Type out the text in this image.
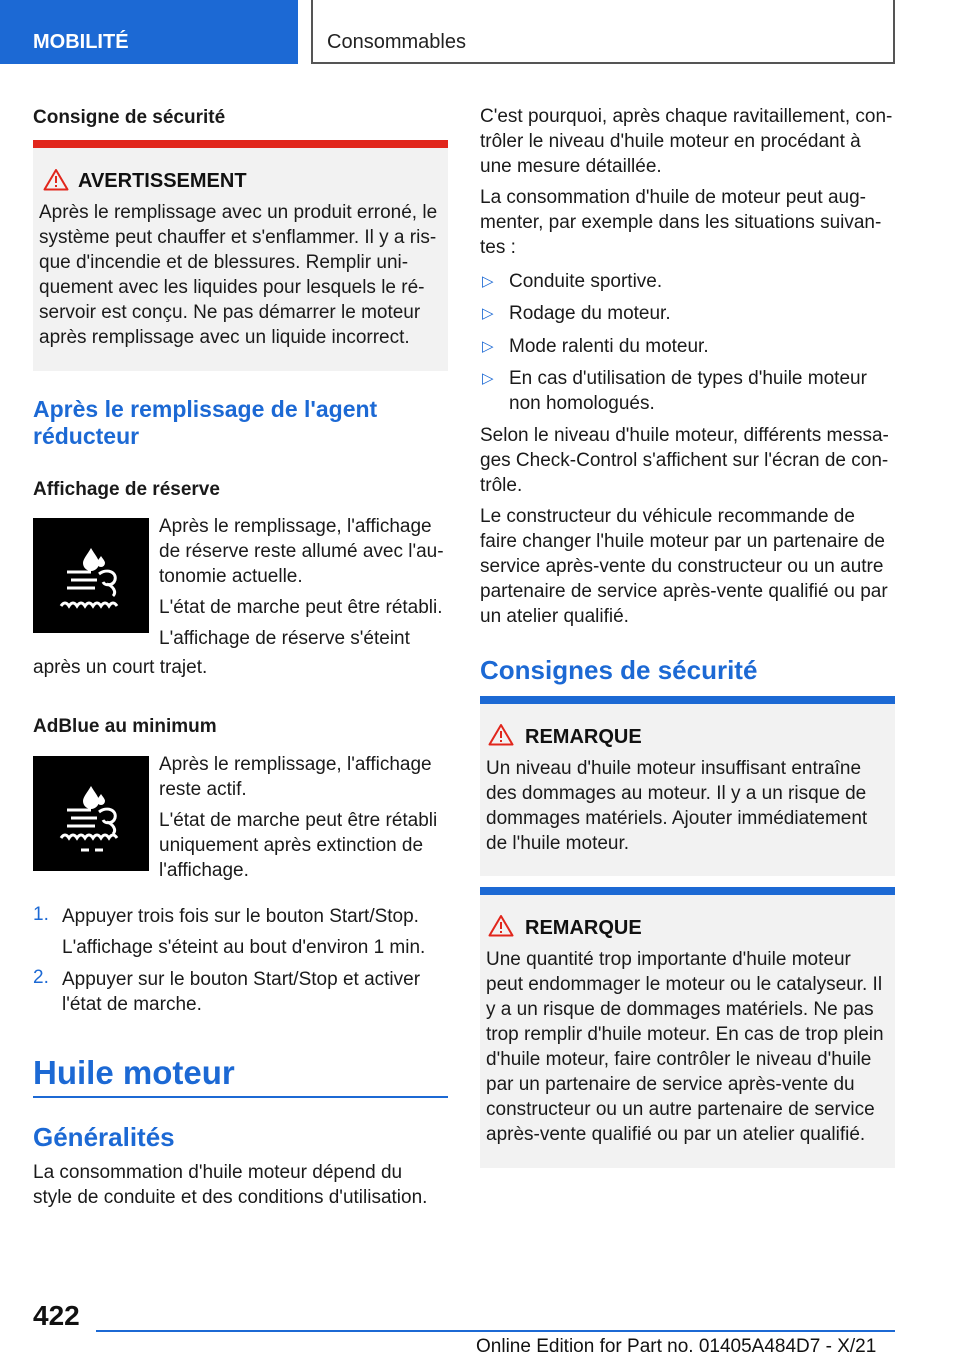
MOBILITÉ	Consommables
Consigne de sécurité
AVERTISSEMENT
Après le remplissage avec un produit erroné, le
système peut chauffer et s'enflammer. Il y a ris-
que d'incendie et de blessures. Remplir uni-
quement avec les liquides pour lesquels le ré-
servoir est conçu. Ne pas démarrer le moteur
après remplissage avec un liquide incorrect.
Après le remplissage de l'agent
réducteur
Affichage de réserve
Après le remplissage, l'affichage
de réserve reste allumé avec l'au-
tonomie actuelle.
L'état de marche peut être rétabli.
L'affichage de réserve s'éteint
après un court trajet.
AdBlue au minimum
Après le remplissage, l'affichage
reste actif.
L'état de marche peut être rétabli
uniquement après extinction de
l'affichage.
1. Appuyer trois fois sur le bouton Start/Stop.
L'affichage s'éteint au bout d'environ 1 min.
2. Appuyer sur le bouton Start/Stop et activer
l'état de marche.
Huile moteur
Généralités
La consommation d'huile moteur dépend du
style de conduite et des conditions d'utilisation.
C'est pourquoi, après chaque ravitaillement, con-
trôler le niveau d'huile moteur en procédant à
une mesure détaillée.
La consommation d'huile de moteur peut aug-
menter, par exemple dans les situations suivan-
tes :
▷ Conduite sportive.
▷ Rodage du moteur.
▷ Mode ralenti du moteur.
▷ En cas d'utilisation de types d'huile moteur
non homologués.
Selon le niveau d'huile moteur, différents messa-
ges Check-Control s'affichent sur l'écran de con-
trôle.
Le constructeur du véhicule recommande de
faire changer l'huile moteur par un partenaire de
service après-vente du constructeur ou un autre
partenaire de service après-vente qualifié ou par
un atelier qualifié.
Consignes de sécurité
REMARQUE
Un niveau d'huile moteur insuffisant entraîne
des dommages au moteur. Il y a un risque de
dommages matériels. Ajouter immédiatement
de l'huile moteur.
REMARQUE
Une quantité trop importante d'huile moteur
peut endommager le moteur ou le catalyseur. Il
y a un risque de dommages matériels. Ne pas
trop remplir d'huile moteur. En cas de trop plein
d'huile moteur, faire contrôler le niveau d'huile
par un partenaire de service après-vente du
constructeur ou un autre partenaire de service
après-vente qualifié ou par un atelier qualifié.
422
Online Edition for Part no. 01405A484D7 - X/21
